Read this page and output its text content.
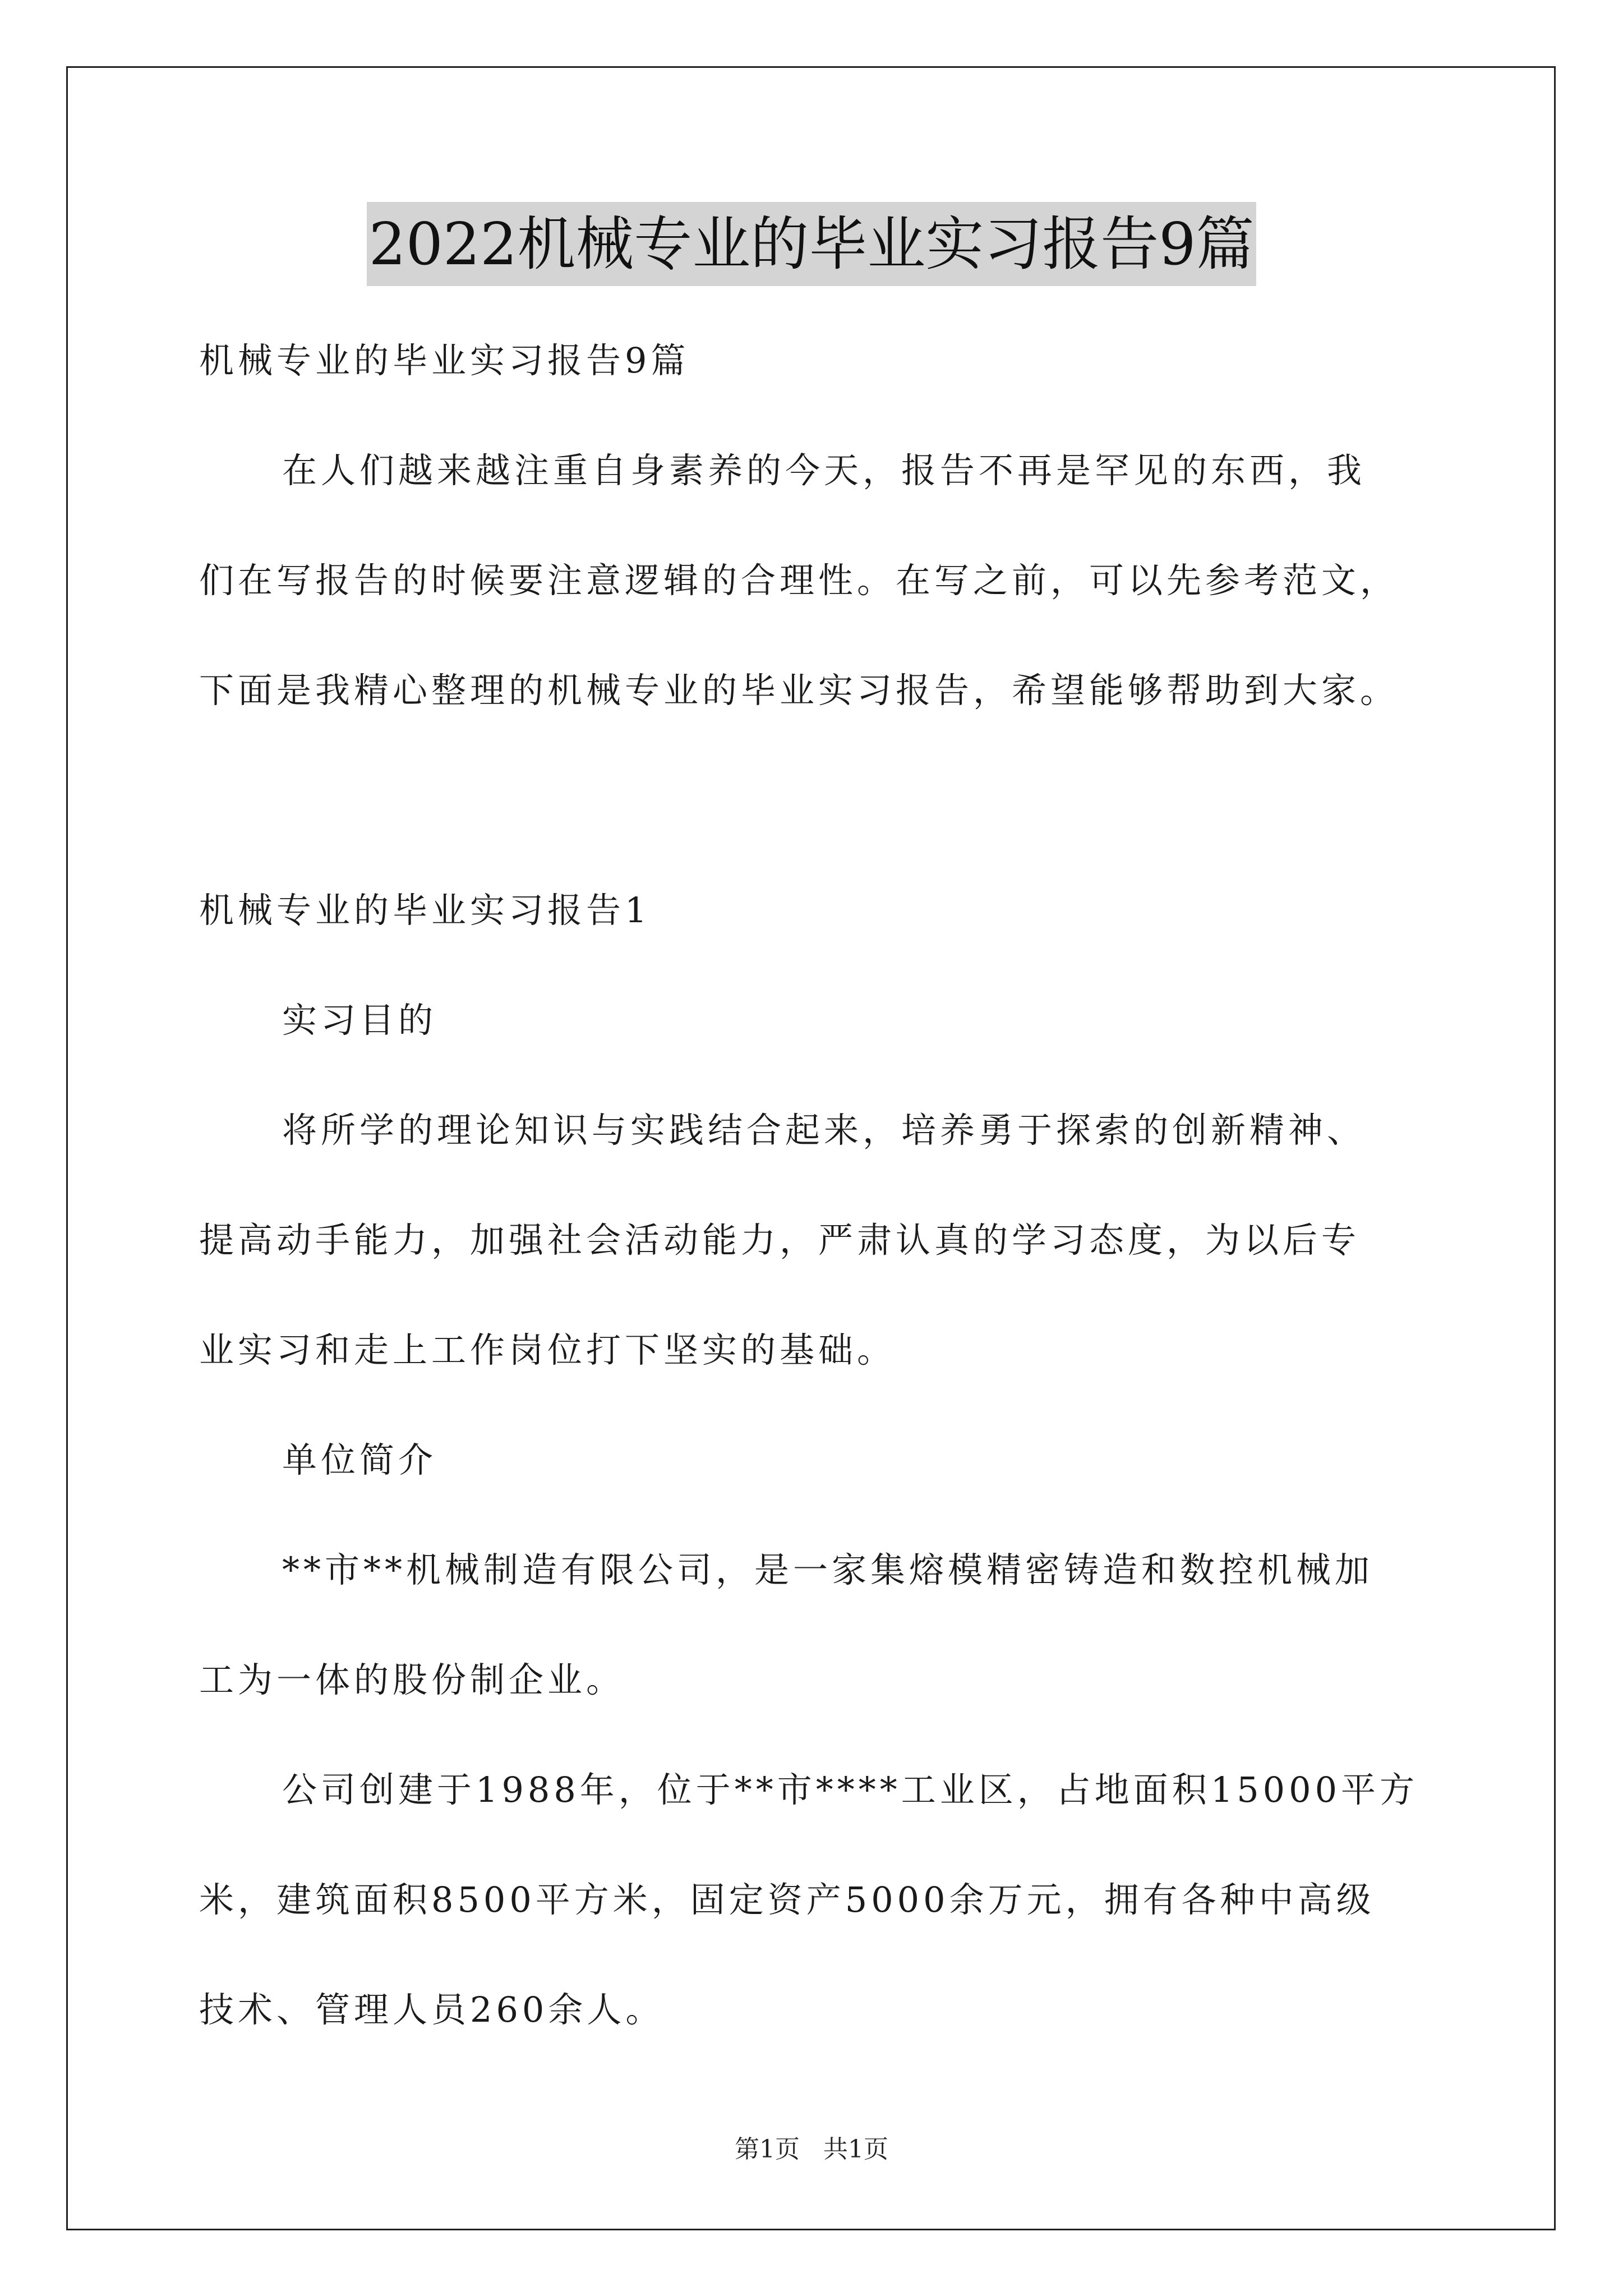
2022机械专业的毕业实习报告9篇

机械专业的毕业实习报告9篇

在人们越来越注重自身素养的今天，报告不再是罕见的东西，我

们在写报告的时候要注意逻辑的合理性。在写之前，可以先参考范文，

下面是我精心整理的机械专业的毕业实习报告，希望能够帮助到大家。

机械专业的毕业实习报告1

实习目的

将所学的理论知识与实践结合起来，培养勇于探索的创新精神、

提高动手能力，加强社会活动能力，严肃认真的学习态度，为以后专

业实习和走上工作岗位打下坚实的基础。

单位简介

**市**机械制造有限公司，是一家集熔模精密铸造和数控机械加

工为一体的股份制企业。

公司创建于1988年，位于**市****工业区，占地面积15000平方

米，建筑面积8500平方米，固定资产5000余万元，拥有各种中高级

技术、管理人员260余人。

第1页 共1页
